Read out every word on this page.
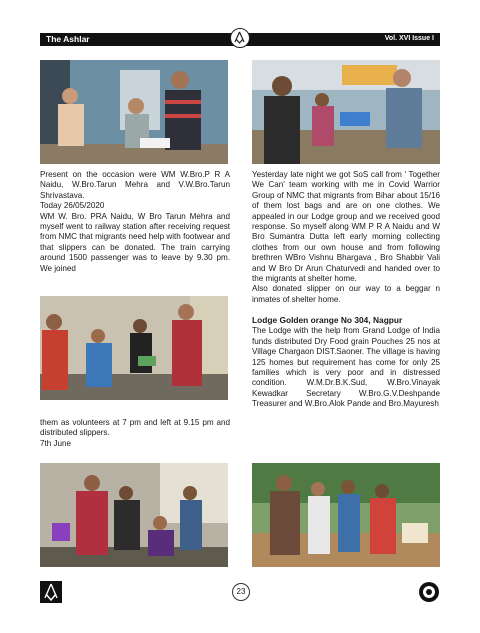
The Ashlar	Vol. XVI Issue I

Present on the occasion were WM W.Bro.P R A Naidu, W.Bro.Tarun Mehra and V.W.Bro.Tarun Shrivastava.

Today 26/05/2020

WM W. Bro. PRA Naidu, W Bro Tarun Mehra and myself went to railway station after receiving request from NMC that migrants need help with footwear and that slippers can be donated. The train carrying around 1500 passenger was to leave by 9.30 pm. We joined

them as volunteers at 7 pm and left at 9.15 pm and distributed slippers.

7th June

Yesterday late night we got SoS call from ' Together We Can' team working with me in Covid Warrior Group of NMC that migrants from Bihar about 15/16 of them lost bags and are on one clothes. We appealed in our Lodge group and we received good response. So myself along WM P R A Naidu and W Bro Sumantra Dutta left early morning collecting clothes from our own house and from following brethren WBro Vishnu Bhargava , Bro Shabbir Vali and W Bro Dr Arun Chaturvedi and handed over to the migrants at shelter home.

Also donated slipper on our way to a beggar n inmates of shelter home.

Lodge Golden orange No 304, Nagpur

The Lodge with the help from Grand Lodge of India funds distributed Dry Food grain Pouches 25 nos at Village Chargaon DIST.Saoner. The village is having 125 homes but requirement has come for only 25 families which is very poor and in distressed condition. W.M.Dr.B.K.Sud, W.Bro.Vinayak Kewadkar Secretary W.Bro.G.V.Deshpande Treasurer and W.Bro.Alok Pande and Bro.Mayuresh

23
